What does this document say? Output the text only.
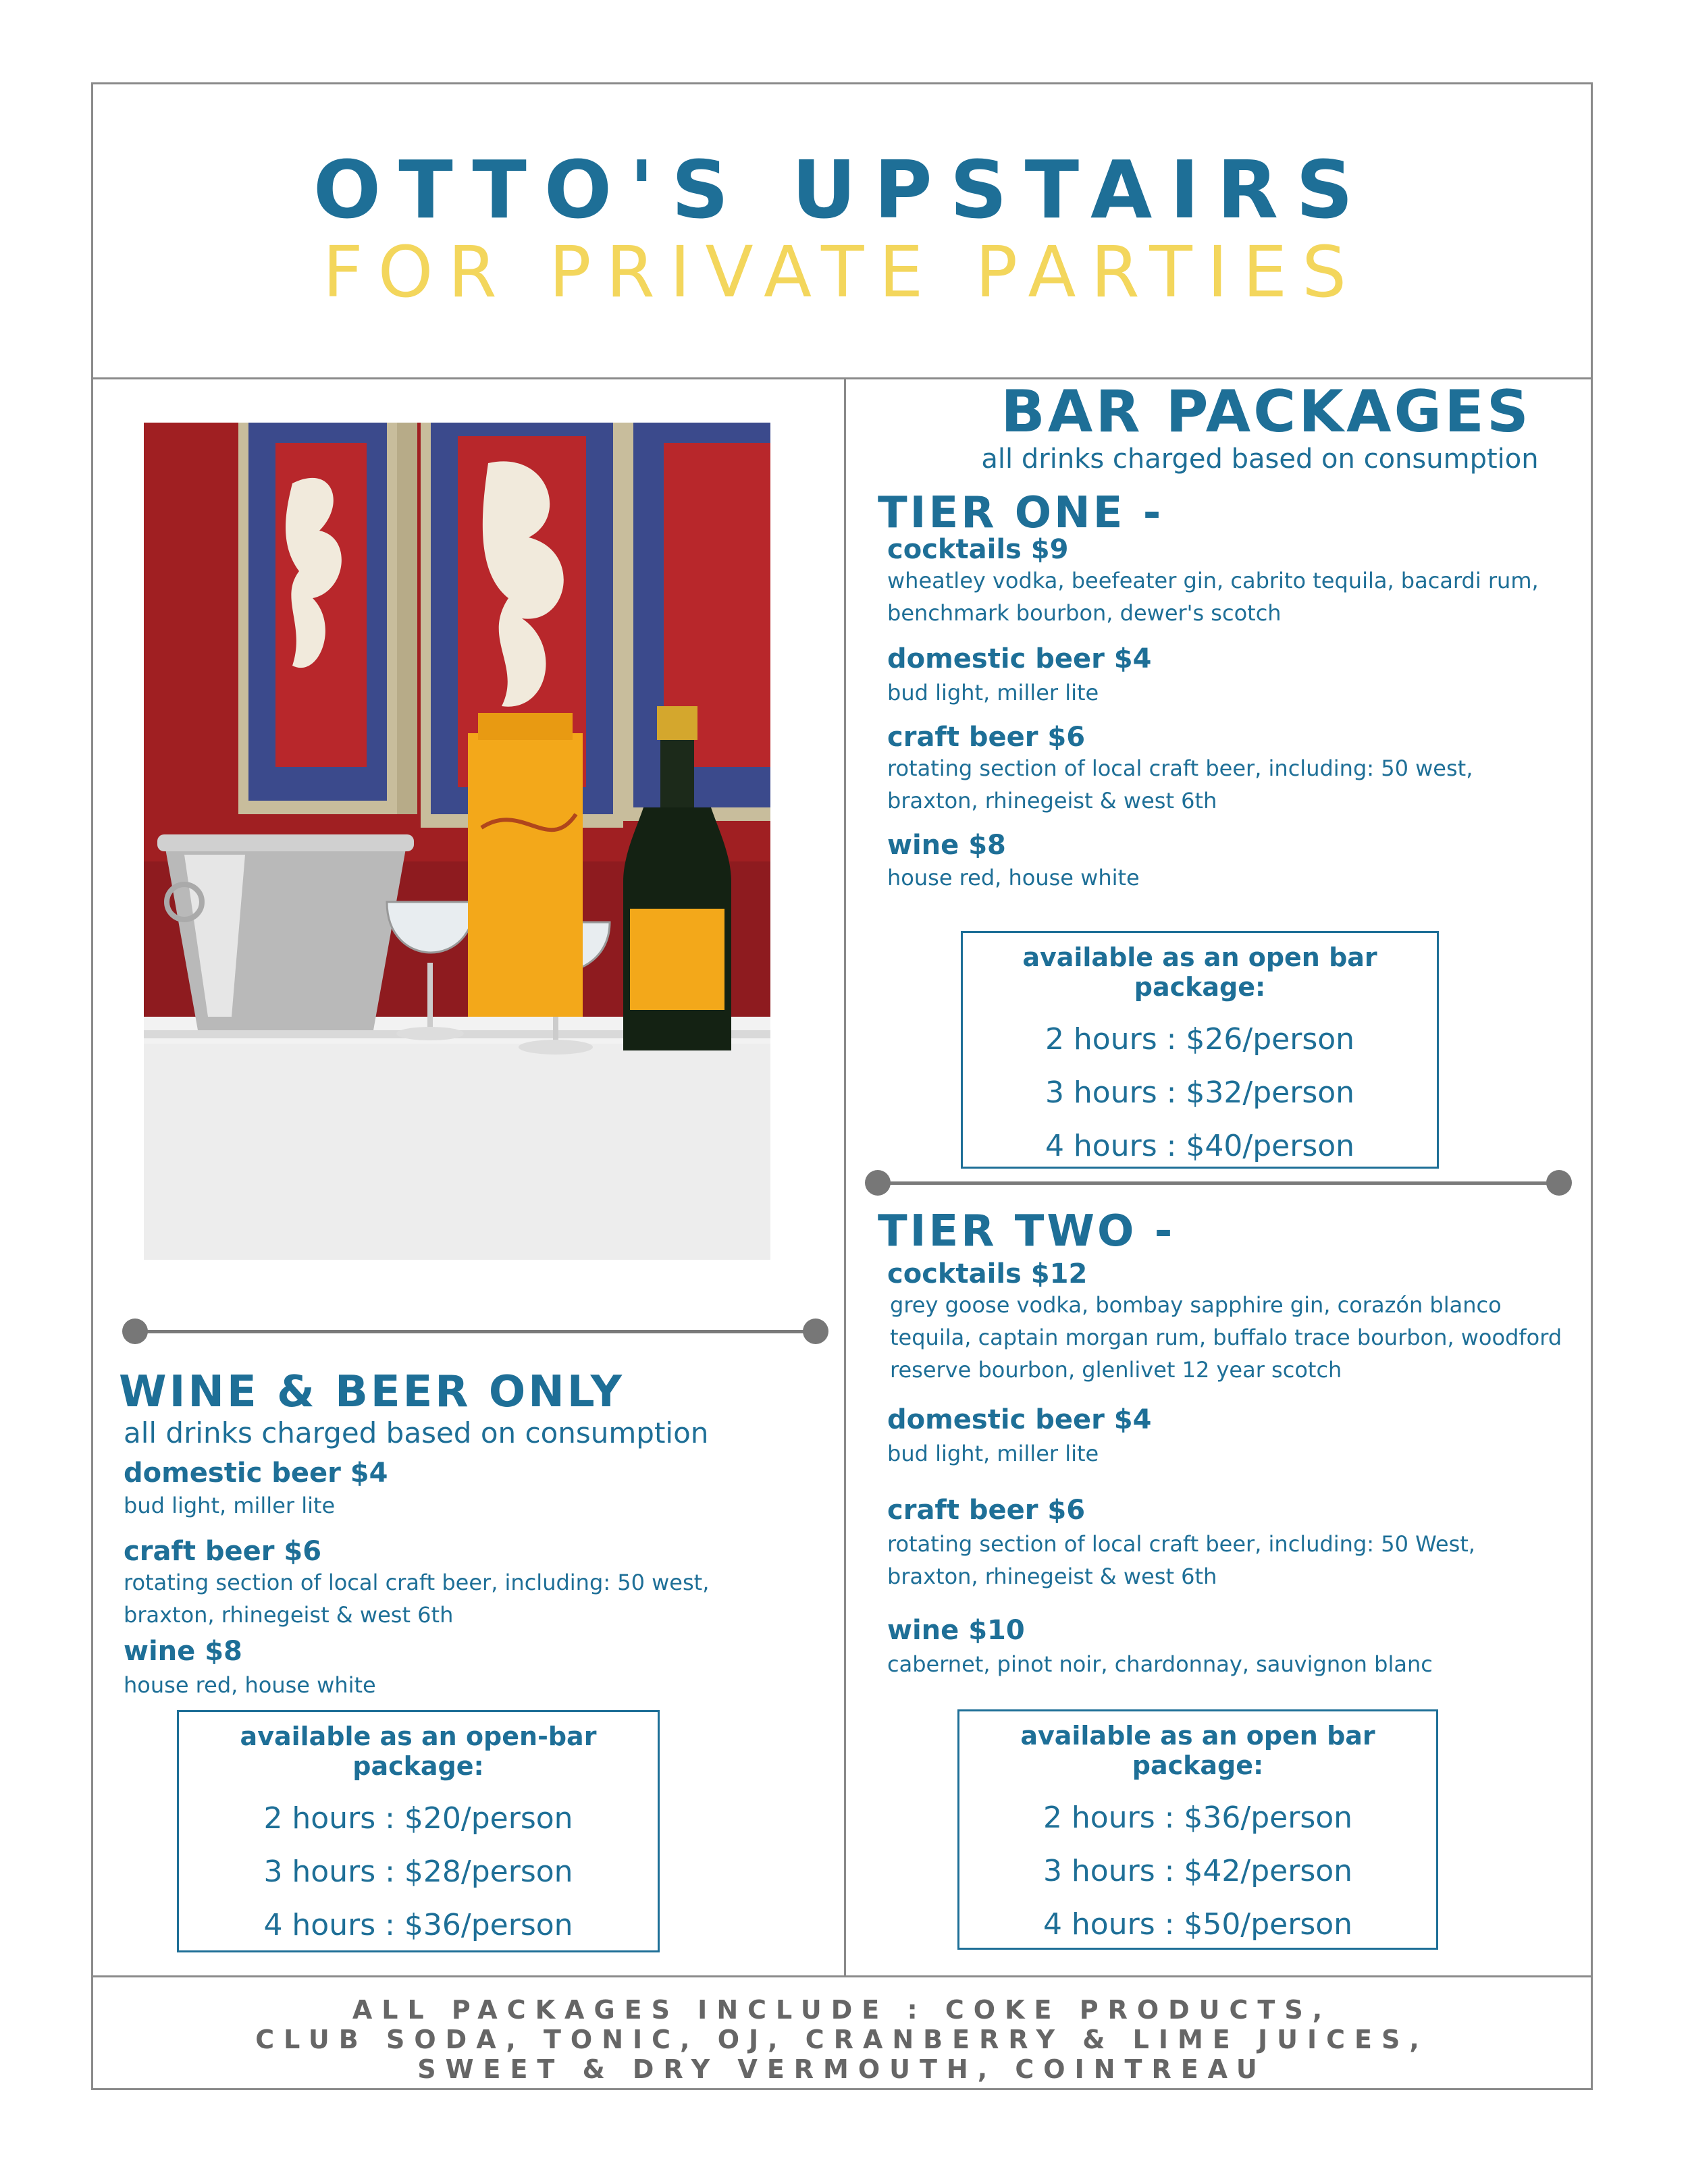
OTTO'S UPSTAIRS
FOR PRIVATE PARTIES
BAR PACKAGES
all drinks charged based on consumption
TIER ONE -
cocktails $9
wheatley vodka, beefeater gin, cabrito tequila, bacardi rum,
benchmark bourbon, dewer's scotch
domestic beer $4
bud light, miller lite
craft beer $6
rotating section of local craft beer, including: 50 west,
braxton, rhinegeist & west 6th
wine $8
house red, house white
available as an open bar package:
2 hours : $26/person
3 hours : $32/person
4 hours : $40/person
TIER TWO -
cocktails $12
grey goose vodka, bombay sapphire gin, corazón blanco
tequila, captain morgan rum, buffalo trace bourbon, woodford
reserve bourbon, glenlivet 12 year scotch
domestic beer $4
bud light, miller lite
craft beer $6
rotating section of local craft beer, including: 50 West,
braxton, rhinegeist & west 6th
wine $10
cabernet, pinot noir, chardonnay, sauvignon blanc
available as an open bar package:
2 hours : $36/person
3 hours : $42/person
4 hours : $50/person
WINE & BEER ONLY
all drinks charged based on consumption
domestic beer $4
bud light, miller lite
craft beer $6
rotating section of local craft beer, including: 50 west,
braxton, rhinegeist & west 6th
wine $8
house red, house white
available as an open-bar package:
2 hours : $20/person
3 hours : $28/person
4 hours : $36/person
ALL PACKAGES INCLUDE : COKE PRODUCTS,
CLUB SODA, TONIC, OJ, CRANBERRY & LIME JUICES,
SWEET & DRY VERMOUTH, COINTREAU
